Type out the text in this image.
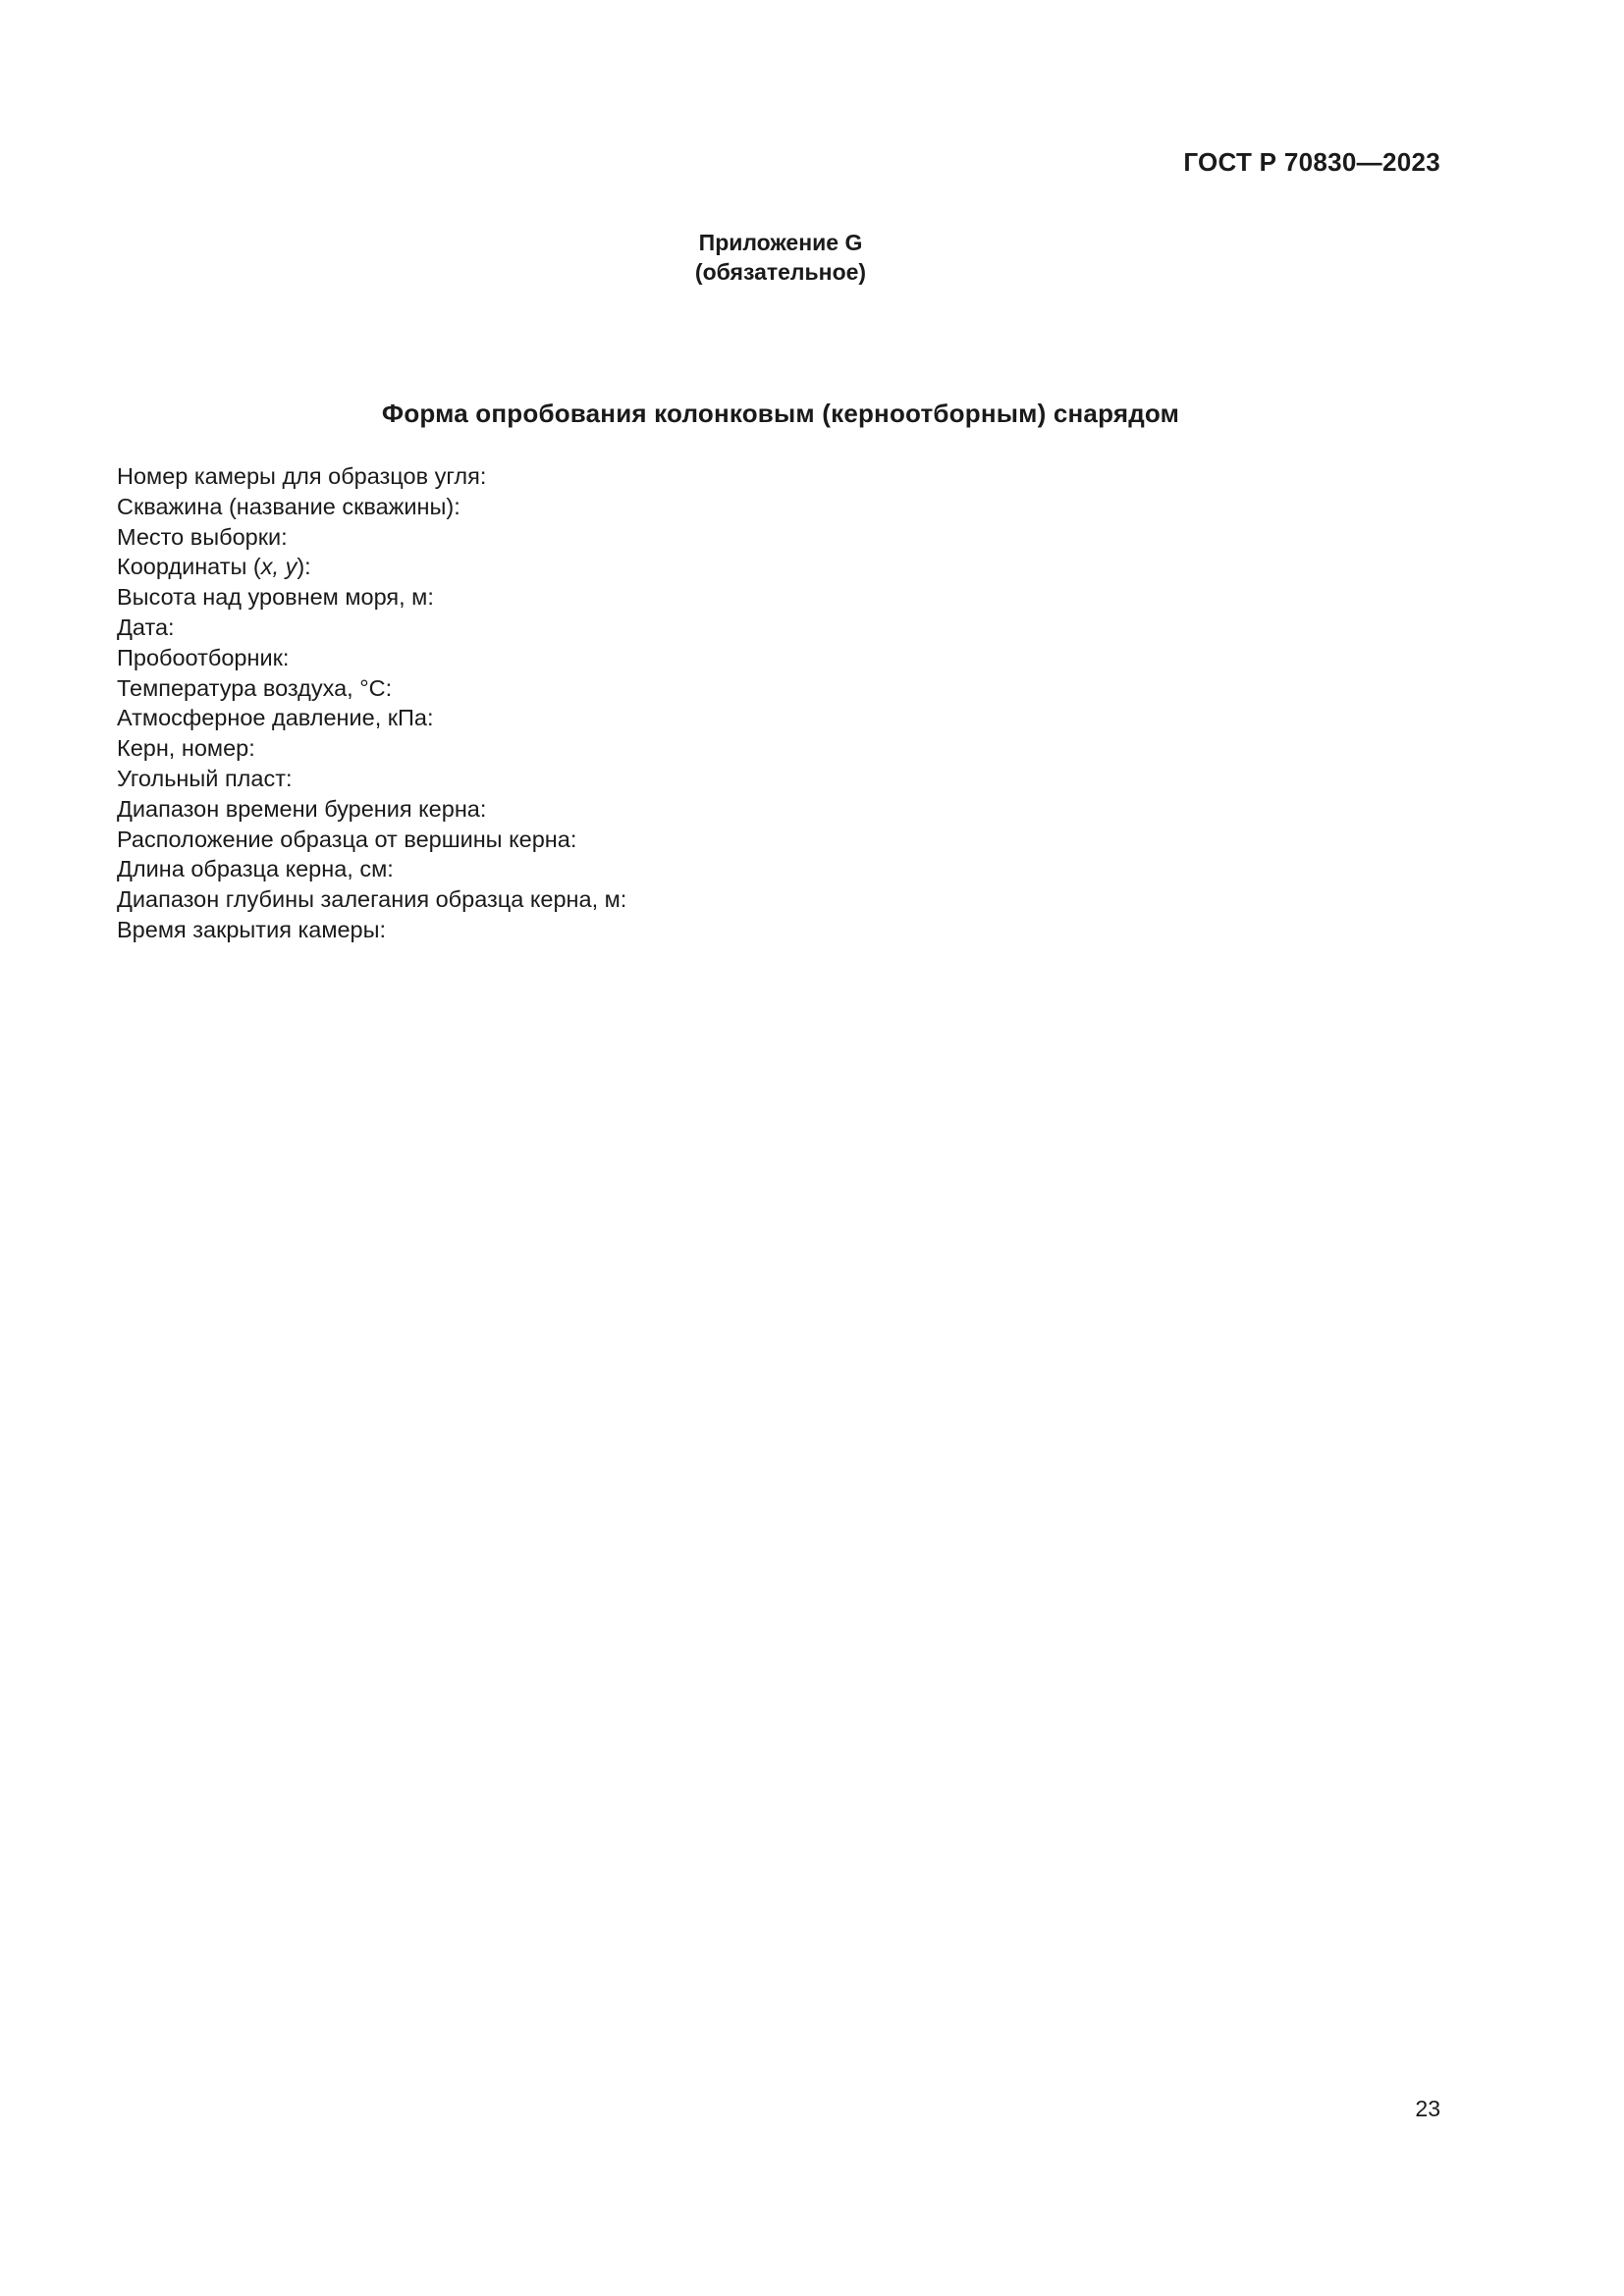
ГОСТ Р 70830—2023
Приложение G
(обязательное)
Форма опробования колонковым (керноотборным) снарядом
Номер камеры для образцов угля:
Скважина (название скважины):
Место выборки:
Координаты (x, y):
Высота над уровнем моря, м:
Дата:
Пробоотборник:
Температура воздуха, °С:
Атмосферное давление, кПа:
Керн, номер:
Угольный пласт:
Диапазон времени бурения керна:
Расположение образца от вершины керна:
Длина образца керна, см:
Диапазон глубины залегания образца керна, м:
Время закрытия камеры:
23
